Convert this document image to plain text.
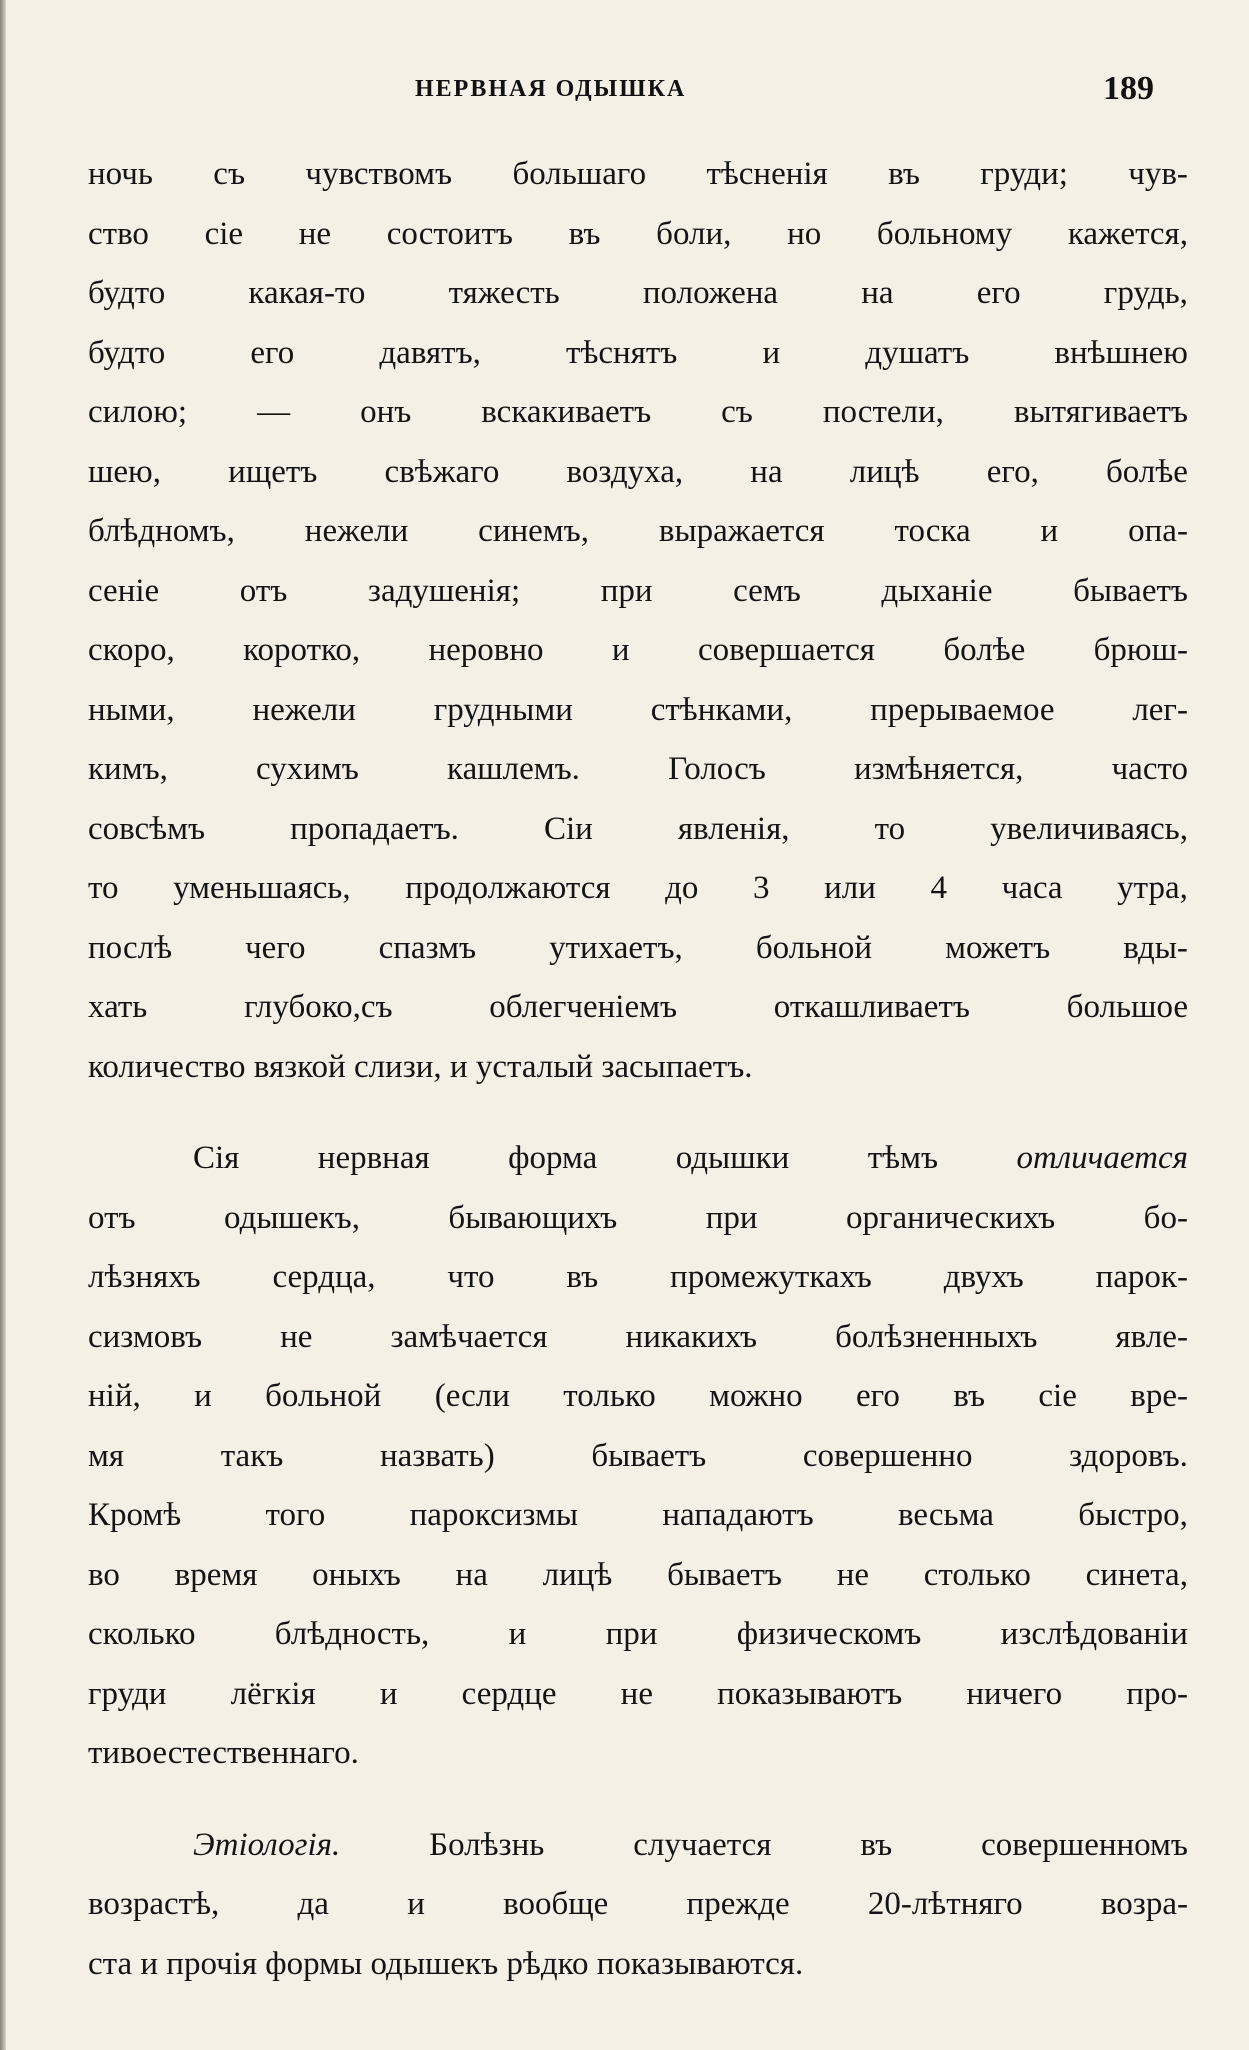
НЕРВНАЯ ОДЫШКА	189
ночь съ чувствомъ большаго тѣсненія въ груди; чув-
ство сіе не состоитъ въ боли, но больному кажется,
будто	какая-то	тяжесть	положена	на	его	грудь,
будто	его	давятъ,	тѣснятъ	и	душатъ	внѣшнею
силою; — онъ вскакиваетъ съ постели, вытягиваетъ
шею, ищетъ свѣжаго воздуха, на лицѣ его, болѣе
блѣдномъ, нежели синемъ, выражается тоска и опа-
сеніе отъ задушенія; при семъ дыханіе бываетъ
скоро, коротко, неровно и совершается болѣе брюш-
ными, нежели грудными стѣнками, прерываемое лег-
кимъ,	сухимъ	кашлемъ.	Голосъ	измѣняется,	часто
совсѣмъ	пропадаетъ.	Сіи	явленія,	то	увеличиваясь,
то уменьшаясь, продолжаются до 3 или 4 часа утра,
послѣ чего спазмъ утихаетъ, больной можетъ вды-
хать	глубоко,съ	облегченіемъ	откашливаетъ	большое
количество вязкой слизи, и усталый засыпаетъ.
Сія нервная форма одышки тѣмъ отличается
отъ	одышекъ,	бывающихъ	при	органическихъ	бо-
лѣзняхъ сердца, что въ промежуткахъ двухъ парок-
сизмовъ не замѣчается никакихъ болѣзненныхъ явле-
ній, и больной (если только можно его въ сіе вре-
мя	такъ	назвать)	бываетъ	совершенно	здоровъ.
Кромѣ	того	пароксизмы	нападаютъ	весьма	быстро,
во время оныхъ на лицѣ бываетъ не столько синета,
сколько блѣдность, и при физическомъ изслѣдованіи
груди лёгкія и сердце не показываютъ ничего про-
тивоестественнаго.
Этіологія.	Болѣзнь	случается	въ	совершенномъ
возрастѣ, да и вообще прежде 20-лѣтняго возра-
ста и прочія формы одышекъ рѣдко показываются.
